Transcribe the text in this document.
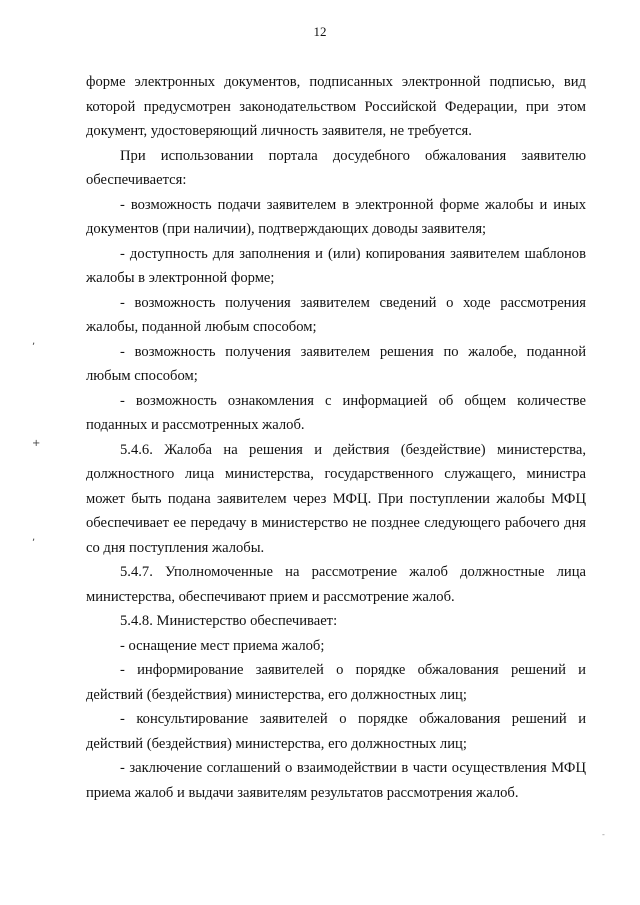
12
,
+
,
-

форме электронных документов, подписанных электронной подписью, вид которой предусмотрен законодательством Российской Федерации, при этом документ, удостоверяющий личность заявителя, не требуется.

При использовании портала досудебного обжалования заявителю обеспечивается:

- возможность подачи заявителем в электронной форме жалобы и иных документов (при наличии), подтверждающих доводы заявителя;

- доступность для заполнения и (или) копирования заявителем шаблонов жалобы в электронной форме;

- возможность получения заявителем сведений о ходе рассмотрения жалобы, поданной любым способом;

- возможность получения заявителем решения по жалобе, поданной любым способом;

- возможность ознакомления с информацией об общем количестве поданных и рассмотренных жалоб.

5.4.6. Жалоба на решения и действия (бездействие) министерства, должностного лица министерства, государственного служащего, министра может быть подана заявителем через МФЦ. При поступлении жалобы МФЦ обеспечивает ее передачу в министерство не позднее следующего рабочего дня со дня поступления жалобы.

5.4.7. Уполномоченные на рассмотрение жалоб должностные лица министерства, обеспечивают прием и рассмотрение жалоб.

5.4.8. Министерство обеспечивает:

- оснащение мест приема жалоб;

- информирование заявителей о порядке обжалования решений и действий (бездействия) министерства, его должностных лиц;

- консультирование заявителей о порядке обжалования решений и действий (бездействия) министерства, его должностных лиц;

- заключение соглашений о взаимодействии в части осуществления МФЦ приема жалоб и выдачи заявителям результатов рассмотрения жалоб.
